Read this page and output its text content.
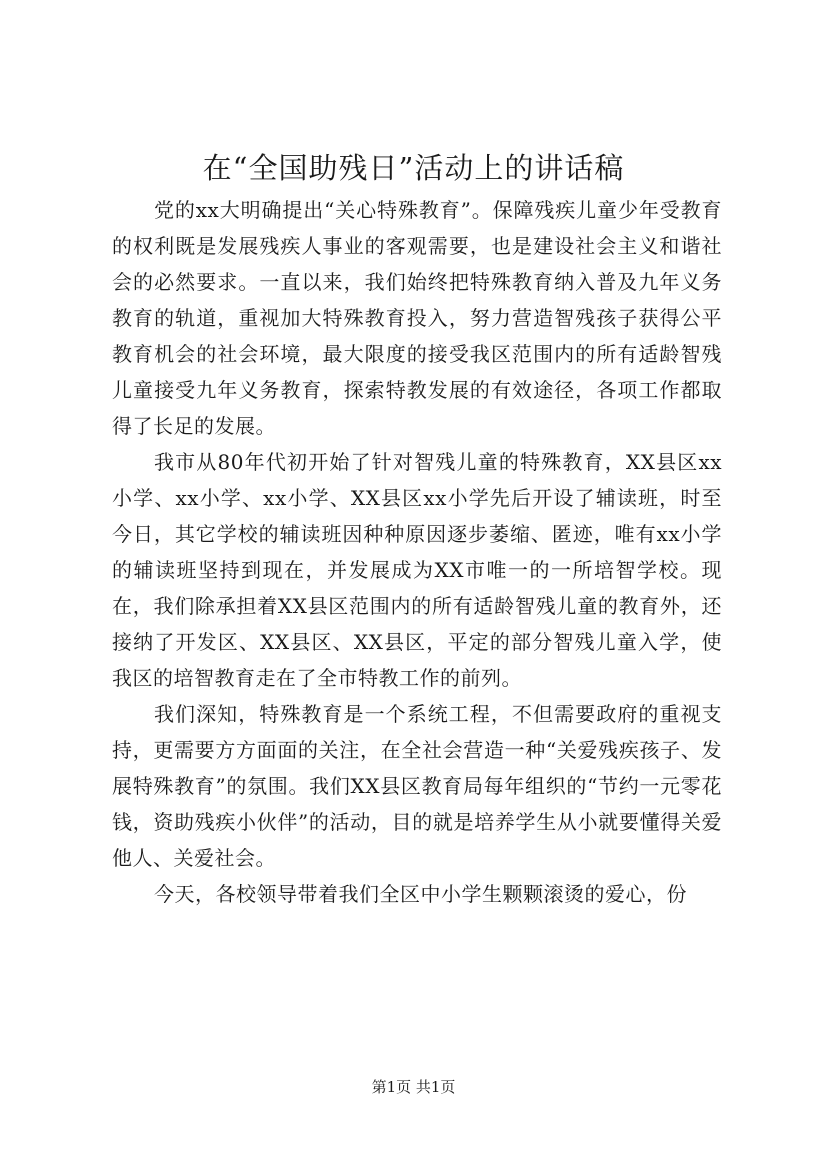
在“全国助残日”活动上的讲话稿

党的xx大明确提出“关心特殊教育”。保障残疾儿童少年受教育的权利既是发展残疾人事业的客观需要，也是建设社会主义和谐社会的必然要求。一直以来，我们始终把特殊教育纳入普及九年义务教育的轨道，重视加大特殊教育投入，努力营造智残孩子获得公平教育机会的社会环境，最大限度的接受我区范围内的所有适龄智残儿童接受九年义务教育，探索特教发展的有效途径，各项工作都取得了长足的发展。

我市从80年代初开始了针对智残儿童的特殊教育，XX县区xx小学、xx小学、xx小学、XX县区xx小学先后开设了辅读班，时至今日，其它学校的辅读班因种种原因逐步萎缩、匿迹，唯有xx小学的辅读班坚持到现在，并发展成为XX市唯一的一所培智学校。现在，我们除承担着XX县区范围内的所有适龄智残儿童的教育外，还接纳了开发区、XX县区、XX县区，平定的部分智残儿童入学，使我区的培智教育走在了全市特教工作的前列。

我们深知，特殊教育是一个系统工程，不但需要政府的重视支持，更需要方方面面的关注，在全社会营造一种“关爱残疾孩子、发展特殊教育”的氛围。我们XX县区教育局每年组织的“节约一元零花钱，资助残疾小伙伴”的活动，目的就是培养学生从小就要懂得关爱他人、关爱社会。

今天，各校领导带着我们全区中小学生颗颗滚烫的爱心，份

第1页 共1页
